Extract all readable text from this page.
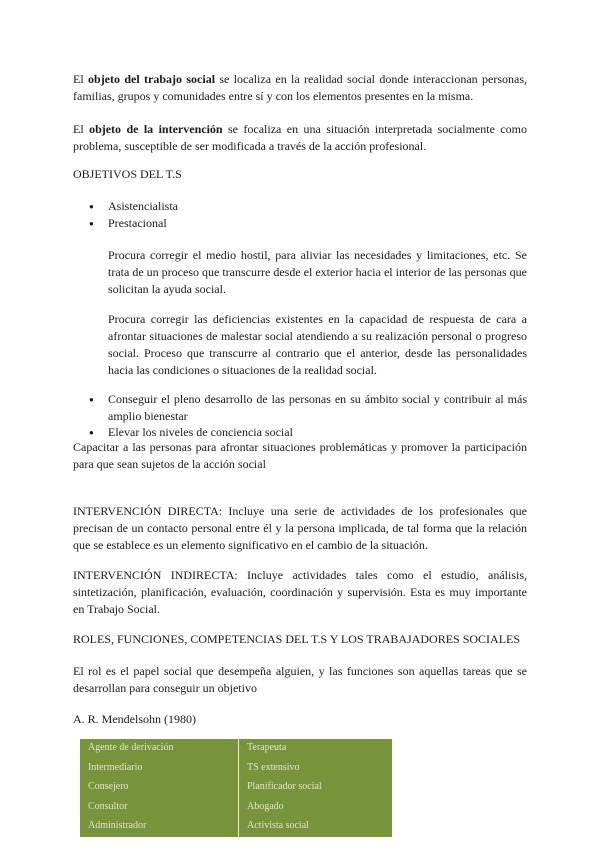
El objeto del trabajo social se localiza en la realidad social donde interaccionan personas, familias, grupos y comunidades entre sí y con los elementos presentes en la misma.

El objeto de la intervención se focaliza en una situación interpretada socialmente como problema, susceptible de ser modificada a través de la acción profesional.

OBJETIVOS DEL T.S

● Asistencialista
● Prestacional

Procura corregir el medio hostil, para aliviar las necesidades y limitaciones, etc. Se trata de un proceso que transcurre desde el exterior hacia el interior de las personas que solicitan la ayuda social.

Procura corregir las deficiencias existentes en la capacidad de respuesta de cara a afrontar situaciones de malestar social atendiendo a su realización personal o progreso social. Proceso que transcurre al contrario que el anterior, desde las personalidades hacia las condiciones o situaciones de la realidad social.

● Conseguir el pleno desarrollo de las personas en su ámbito social y contribuir al más amplio bienestar
● Elevar los niveles de conciencia social

Capacitar a las personas para afrontar situaciones problemáticas y promover la participación para que sean sujetos de la acción social

INTERVENCIÓN DIRECTA: Incluye una serie de actividades de los profesionales que precisan de un contacto personal entre él y la persona implicada, de tal forma que la relación que se establece es un elemento significativo en el cambio de la situación.

INTERVENCIÓN INDIRECTA: Incluye actividades tales como el estudio, análisis, sintetización, planificación, evaluación, coordinación y supervisión. Esta es muy importante en Trabajo Social.

ROLES, FUNCIONES, COMPETENCIAS DEL T.S Y LOS TRABAJADORES SOCIALES

El rol es el papel social que desempeña alguien, y las funciones son aquellas tareas que se desarrollan para conseguir un objetivo

A. R. Mendelsohn (1980)

Agente de derivación	Terapeuta
Intermediario	TS extensivo
Consejero	Planificador social
Consultor	Abogado
Administrador	Activista social
